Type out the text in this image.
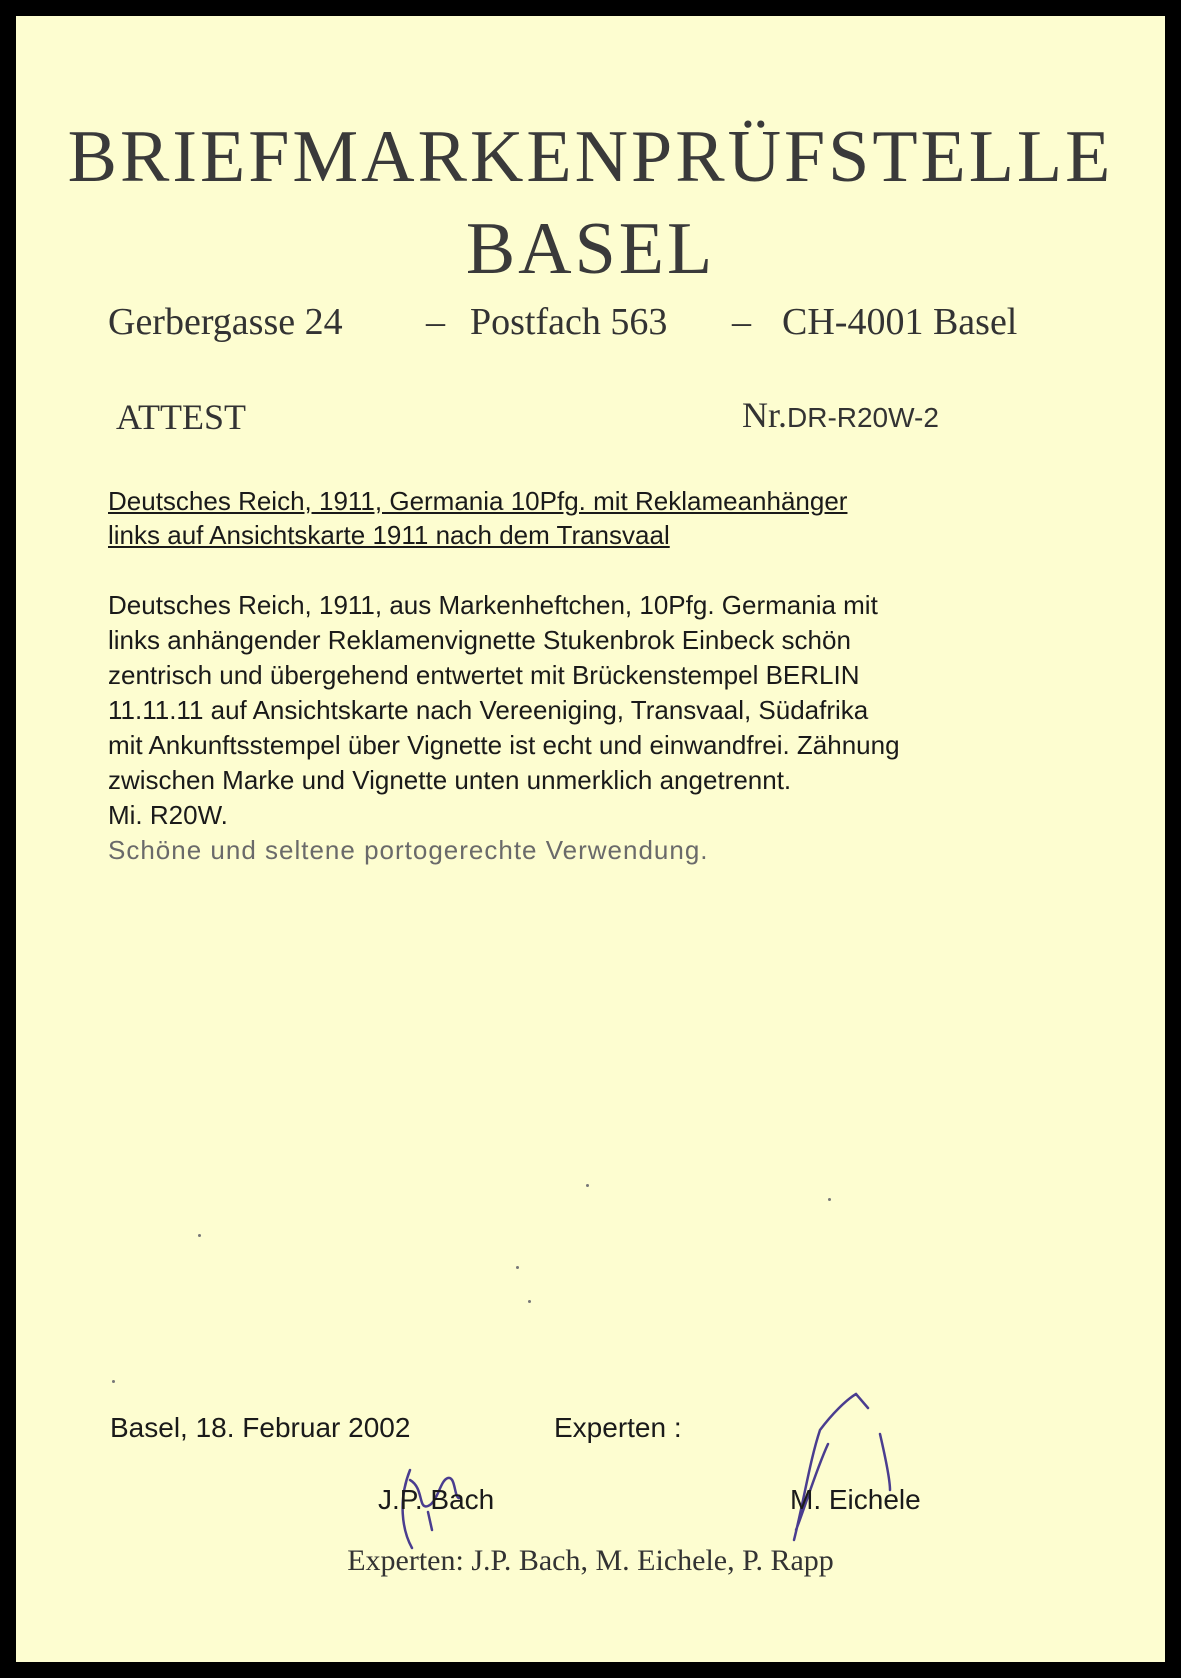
BRIEFMARKENPRÜFSTELLE
BASEL
Gerbergasse 24 – Postfach 563 – CH-4001 Basel
ATTEST	Nr.DR-R20W-2
Deutsches Reich, 1911, Germania 10Pfg. mit Reklameanhänger
links auf Ansichtskarte 1911 nach dem Transvaal
Deutsches Reich, 1911, aus Markenheftchen, 10Pfg. Germania mit
links anhängender Reklamenvignette Stukenbrok Einbeck schön
zentrisch und übergehend entwertet mit Brückenstempel BERLIN
11.11.11 auf Ansichtskarte nach Vereeniging, Transvaal, Südafrika
mit Ankunftsstempel über Vignette ist echt und einwandfrei. Zähnung
zwischen Marke und Vignette unten unmerklich angetrennt.
Mi. R20W.
Schöne und seltene portogerechte Verwendung.
Basel, 18. Februar 2002	Experten :
J.P. Bach	M. Eichele
Experten: J.P. Bach, M. Eichele, P. Rapp
